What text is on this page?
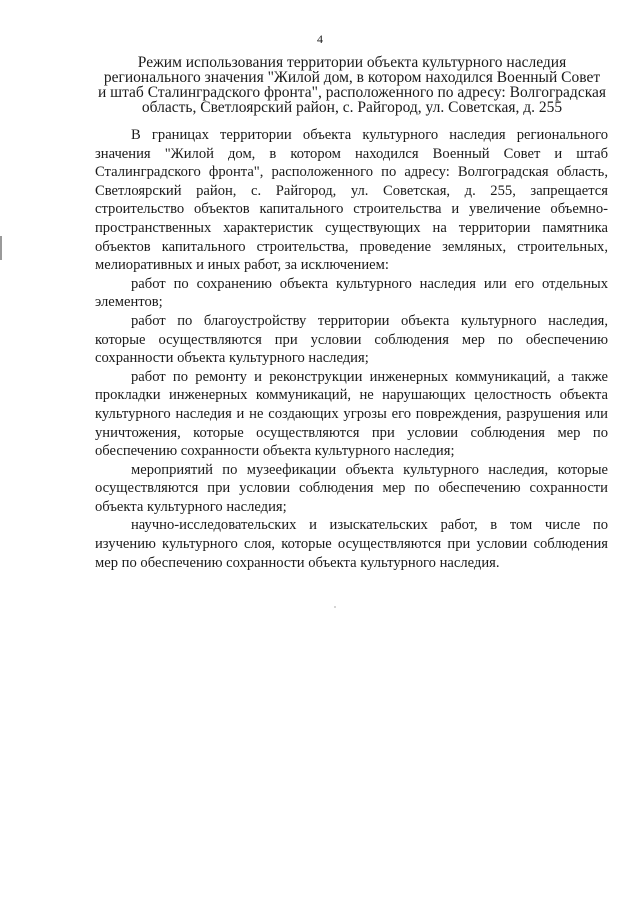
4
Режим использования территории объекта культурного наследия
регионального значения "Жилой дом, в котором находился Военный Совет
и штаб Сталинградского фронта", расположенного по адресу: Волгоградская
область, Светлоярский район, с. Райгород, ул. Советская, д. 255

В границах территории объекта культурного наследия регионального значения "Жилой дом, в котором находился Военный Совет и штаб Сталинградского фронта", расположенного по адресу: Волгоградская область, Светлоярский район, с. Райгород, ул. Советская, д. 255, запрещается строительство объектов капитального строительства и увеличение объемно-пространственных характеристик существующих на территории памятника объектов капитального строительства, проведение земляных, строительных, мелиоративных и иных работ, за исключением:

работ по сохранению объекта культурного наследия или его отдельных элементов;

работ по благоустройству территории объекта культурного наследия, которые осуществляются при условии соблюдения мер по обеспечению сохранности объекта культурного наследия;

работ по ремонту и реконструкции инженерных коммуникаций, а также прокладки инженерных коммуникаций, не нарушающих целостность объекта культурного наследия и не создающих угрозы его повреждения, разрушения или уничтожения, которые осуществляются при условии соблюдения мер по обеспечению сохранности объекта культурного наследия;

мероприятий по музеефикации объекта культурного наследия, которые осуществляются при условии соблюдения мер по обеспечению сохранности объекта культурного наследия;

научно-исследовательских и изыскательских работ, в том числе по изучению культурного слоя, которые осуществляются при условии соблюдения мер по обеспечению сохранности объекта культурного наследия.
